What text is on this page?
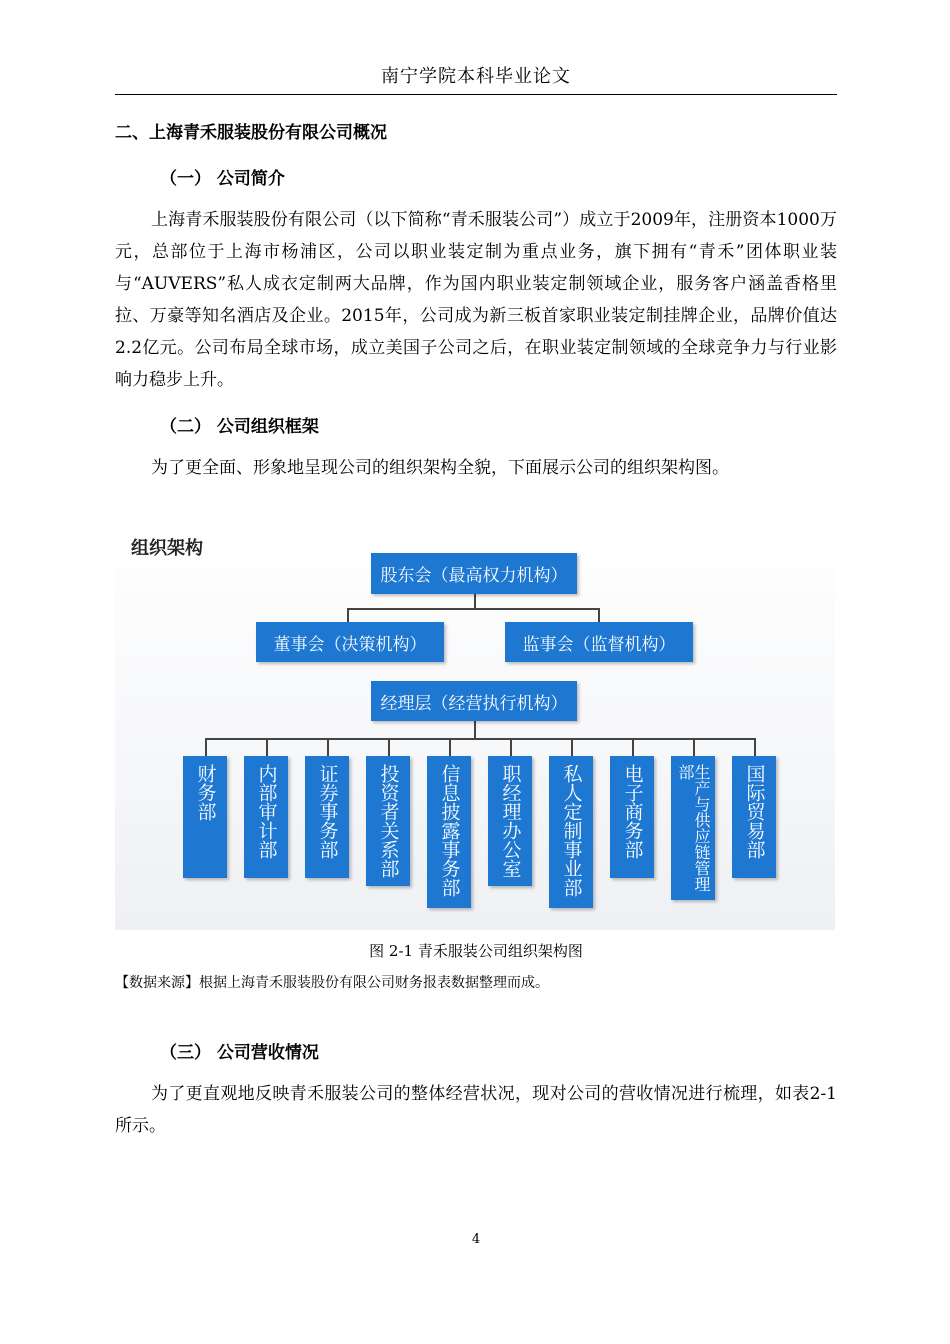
南宁学院本科毕业论文
二、上海青禾服装股份有限公司概况
（一） 公司简介

上海青禾服装股份有限公司（以下简称“青禾服装公司”）成立于2009年，注册资本1000万元，总部位于上海市杨浦区，公司以职业装定制为重点业务，旗下拥有“青禾”团体职业装与“AUVERS”私人成衣定制两大品牌，作为国内职业装定制领域企业，服务客户涵盖香格里拉、万豪等知名酒店及企业。2015年，公司成为新三板首家职业装定制挂牌企业，品牌价值达2.2亿元。公司布局全球市场，成立美国子公司之后，在职业装定制领域的全球竞争力与行业影响力稳步上升。

（二） 公司组织框架

为了更全面、形象地呈现公司的组织架构全貌，下面展示公司的组织架构图。

组织架构
股东会（最高权力机构）
董事会（决策机构）	监事会（监督机构）
经理层（经营执行机构）
财务部 内部审计部 证券事务部 投资者关系部 信息披露事务部 职经理办公室 私人定制事业部 电子商务部	生产与供应链管理部	国际贸易部
图 2-1 青禾服装公司组织架构图
【数据来源】根据上海青禾服装股份有限公司财务报表数据整理而成。
（三） 公司营收情况

为了更直观地反映青禾服装公司的整体经营状况，现对公司的营收情况进行梳理，如表2-1所示。

4
